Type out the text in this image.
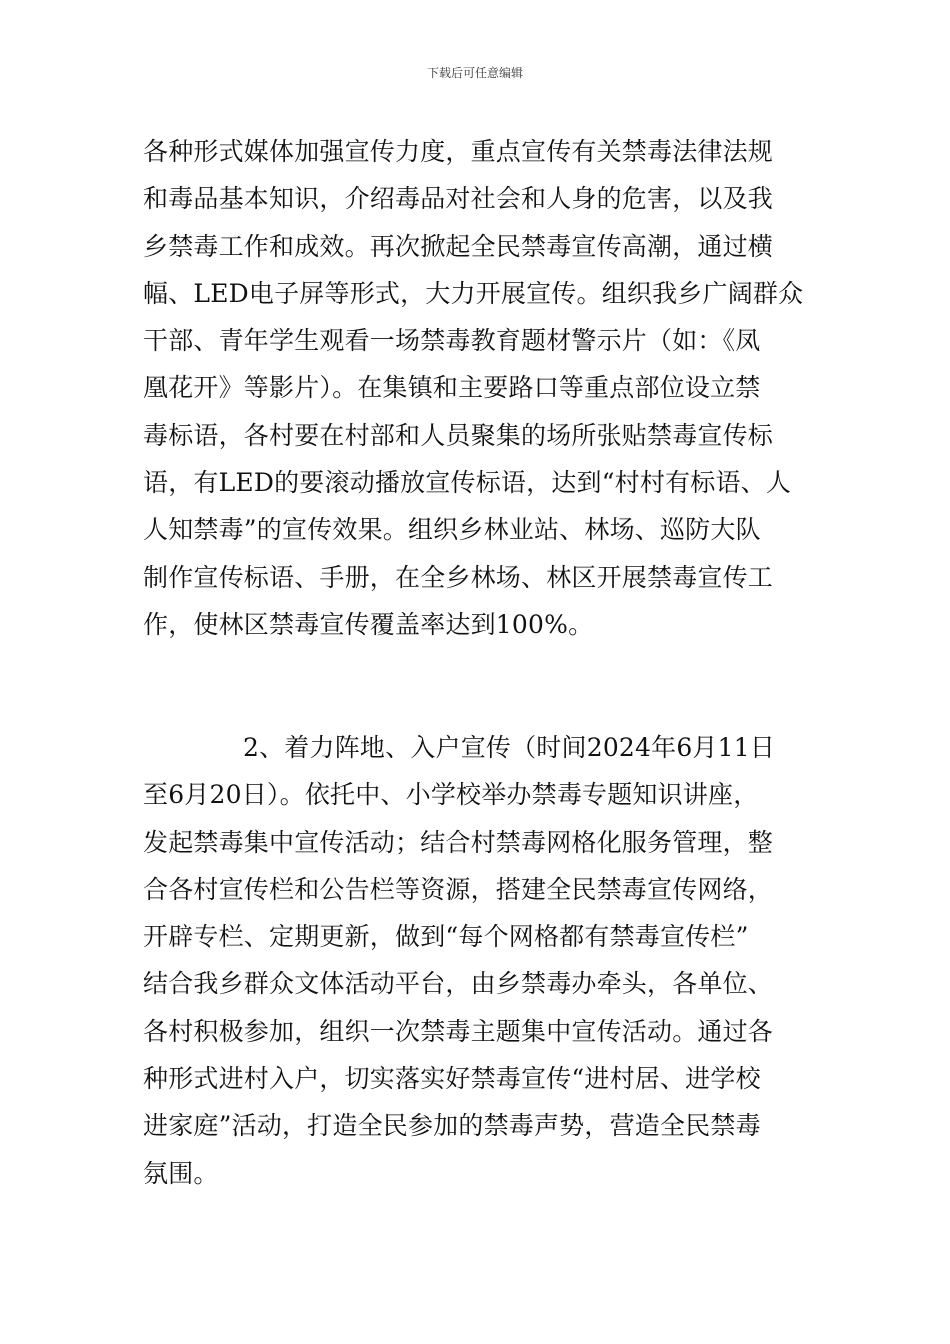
下载后可任意编辑

各种形式媒体加强宣传力度，重点宣传有关禁毒法律法规
和毒品基本知识，介绍毒品对社会和人身的危害，以及我
乡禁毒工作和成效。再次掀起全民禁毒宣传高潮，通过横
幅、LED电子屏等形式，大力开展宣传。组织我乡广阔群众
干部、青年学生观看一场禁毒教育题材警示片（如：《凤
凰花开》等影片）。在集镇和主要路口等重点部位设立禁
毒标语，各村要在村部和人员聚集的场所张贴禁毒宣传标
语，有LED的要滚动播放宣传标语，达到“村村有标语、人
人知禁毒”的宣传效果。组织乡林业站、林场、巡防大队
制作宣传标语、手册，在全乡林场、林区开展禁毒宣传工
作，使林区禁毒宣传覆盖率达到100%。

2、着力阵地、入户宣传（时间2024年6月11日
至6月20日）。依托中、小学校举办禁毒专题知识讲座，
发起禁毒集中宣传活动；结合村禁毒网格化服务管理，整
合各村宣传栏和公告栏等资源，搭建全民禁毒宣传网络，
开辟专栏、定期更新，做到“每个网格都有禁毒宣传栏”
结合我乡群众文体活动平台，由乡禁毒办牵头，各单位、
各村积极参加，组织一次禁毒主题集中宣传活动。通过各
种形式进村入户，切实落实好禁毒宣传“进村居、进学校
进家庭”活动，打造全民参加的禁毒声势，营造全民禁毒
氛围。
